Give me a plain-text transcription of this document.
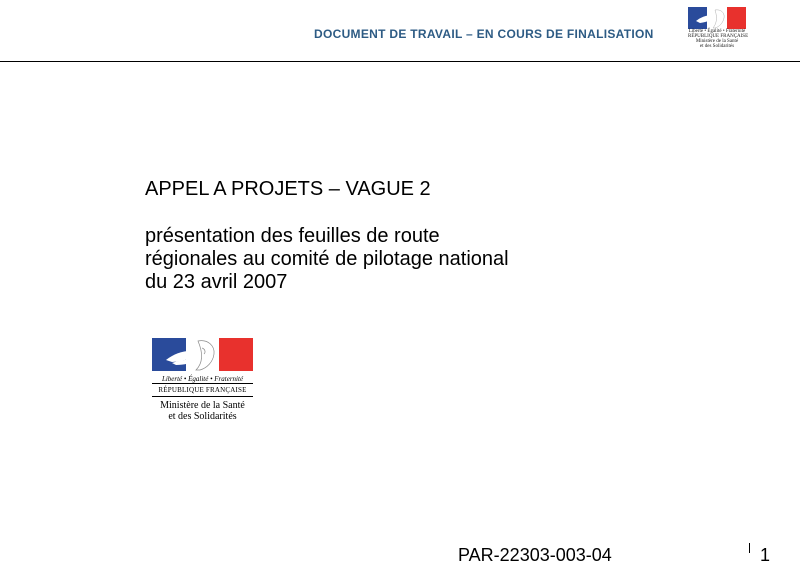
DOCUMENT DE TRAVAIL – EN COURS DE FINALISATION	Liberté • Égalité • Fraternité
RÉPUBLIQUE FRANÇAISE
Ministère de la Santé
et des Solidarités
APPEL A PROJETS – VAGUE 2
présentation des feuilles de route
régionales au comité de pilotage national
du 23 avril 2007
Liberté • Égalité • Fraternité
RÉPUBLIQUE FRANÇAISE
Ministère de la Santé
et des Solidarités
PAR-22303-003-04	1
